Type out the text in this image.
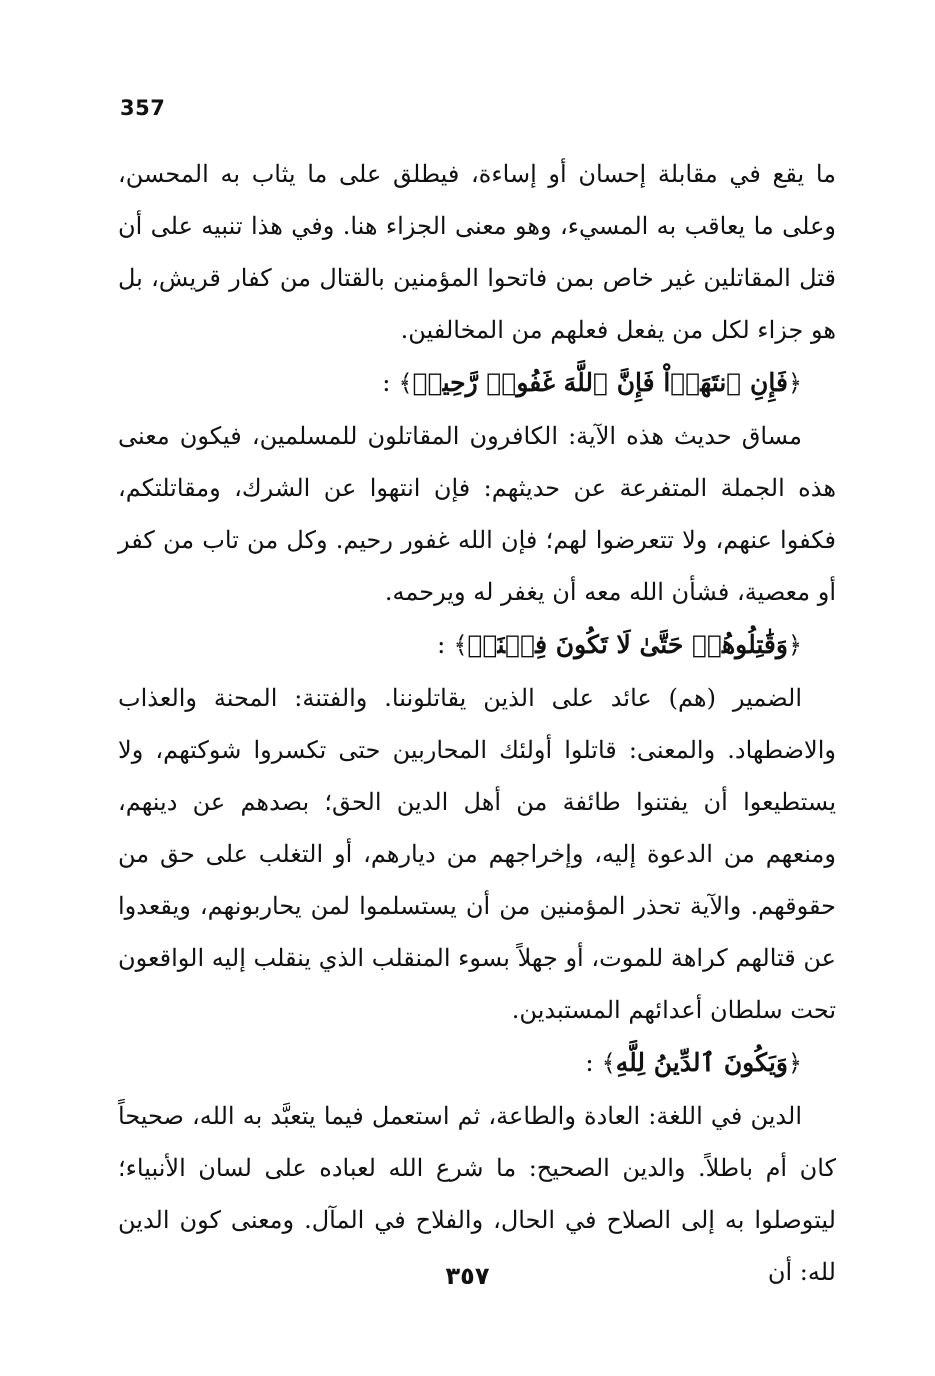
357

ما يقع في مقابلة إحسان أو إساءة، فيطلق على ما يثاب به المحسن، وعلى ما يعاقب به المسيء، وهو معنى الجزاء هنا. وفي هذا تنبيه على أن قتل المقاتلين غير خاص بمن فاتحوا المؤمنين بالقتال من كفار قريش، بل هو جزاء لكل من يفعل فعلهم من المخالفين.

﴿فَإِنِ ٱنتَهَوۡاْ فَإِنَّ ٱللَّهَ غَفُورٞ رَّحِيمٞ﴾:

مساق حديث هذه الآية: الكافرون المقاتلون للمسلمين، فيكون معنى هذه الجملة المتفرعة عن حديثهم: فإن انتهوا عن الشرك، ومقاتلتكم، فكفوا عنهم، ولا تتعرضوا لهم؛ فإن الله غفور رحيم. وكل من تاب من كفر أو معصية، فشأن الله معه أن يغفر له ويرحمه.

﴿وَقَٰتِلُوهُمۡ حَتَّىٰ لَا تَكُونَ فِتۡنَةٞ﴾:

الضمير (هم) عائد على الذين يقاتلوننا. والفتنة: المحنة والعذاب والاضطهاد. والمعنى: قاتلوا أولئك المحاربين حتى تكسروا شوكتهم، ولا يستطيعوا أن يفتنوا طائفة من أهل الدين الحق؛ بصدهم عن دينهم، ومنعهم من الدعوة إليه، وإخراجهم من ديارهم، أو التغلب على حق من حقوقهم. والآية تحذر المؤمنين من أن يستسلموا لمن يحاربونهم، ويقعدوا عن قتالهم كراهة للموت، أو جهلاً بسوء المنقلب الذي ينقلب إليه الواقعون تحت سلطان أعدائهم المستبدين.

﴿وَيَكُونَ ٱلدِّينُ لِلَّهِ﴾:

الدين في اللغة: العادة والطاعة، ثم استعمل فيما يتعبَّد به الله، صحيحاً كان أم باطلاً. والدين الصحيح: ما شرع الله لعباده على لسان الأنبياء؛ ليتوصلوا به إلى الصلاح في الحال، والفلاح في المآل. ومعنى كون الدين لله: أن

٣٥٧
